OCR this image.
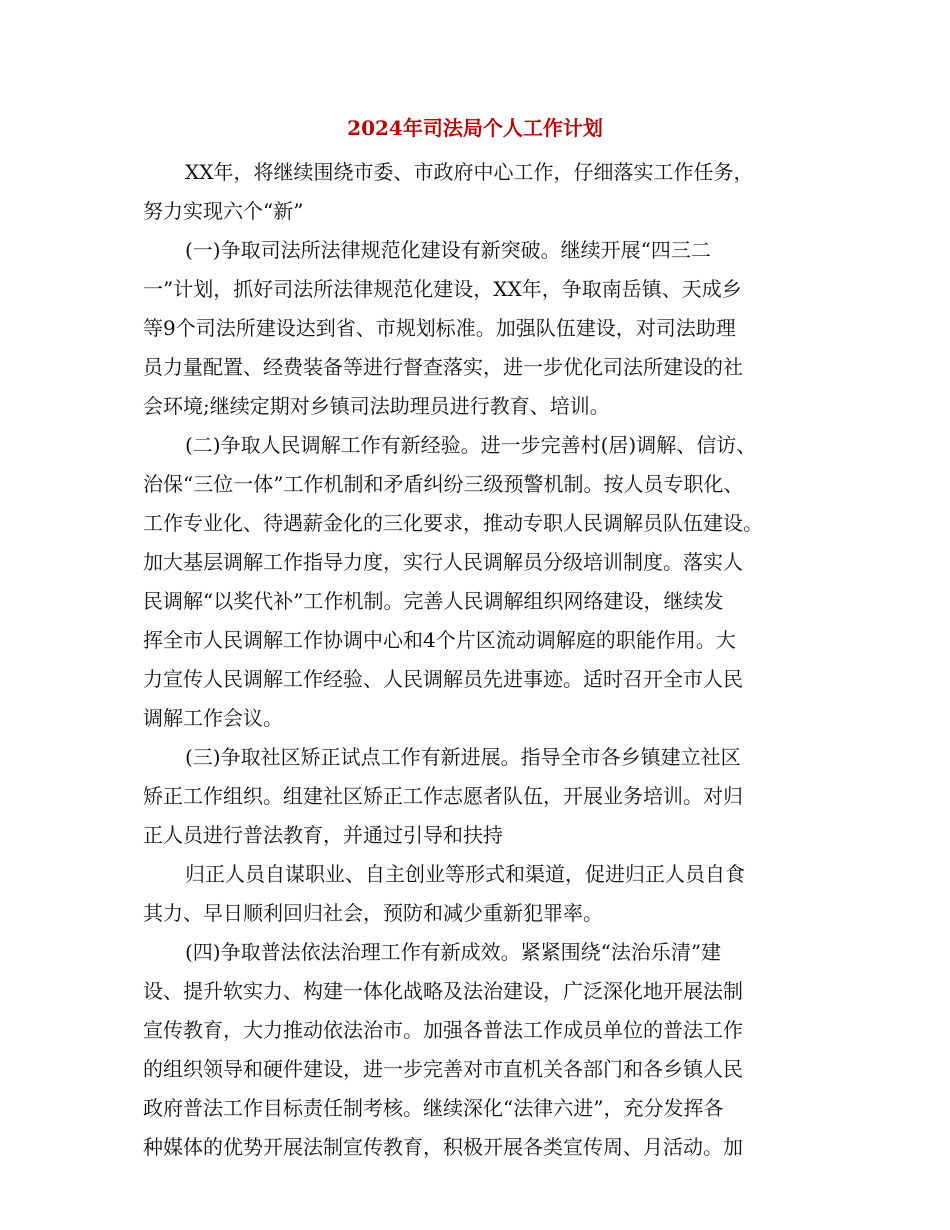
2024年司法局个人工作计划
XX年，将继续围绕市委、市政府中心工作，仔细落实工作任务，
努力实现六个“新”
(一)争取司法所法律规范化建设有新突破。继续开展“四三二
一”计划，抓好司法所法律规范化建设，XX年，争取南岳镇、天成乡
等9个司法所建设达到省、市规划标准。加强队伍建设，对司法助理
员力量配置、经费装备等进行督查落实，进一步优化司法所建设的社
会环境;继续定期对乡镇司法助理员进行教育、培训。
(二)争取人民调解工作有新经验。进一步完善村(居)调解、信访、
治保“三位一体”工作机制和矛盾纠纷三级预警机制。按人员专职化、
工作专业化、待遇薪金化的三化要求，推动专职人民调解员队伍建设。
加大基层调解工作指导力度，实行人民调解员分级培训制度。落实人
民调解“以奖代补”工作机制。完善人民调解组织网络建设，继续发
挥全市人民调解工作协调中心和4个片区流动调解庭的职能作用。大
力宣传人民调解工作经验、人民调解员先进事迹。适时召开全市人民
调解工作会议。
(三)争取社区矫正试点工作有新进展。指导全市各乡镇建立社区
矫正工作组织。组建社区矫正工作志愿者队伍，开展业务培训。对归
正人员进行普法教育，并通过引导和扶持
归正人员自谋职业、自主创业等形式和渠道，促进归正人员自食
其力、早日顺利回归社会，预防和减少重新犯罪率。
(四)争取普法依法治理工作有新成效。紧紧围绕“法治乐清”建
设、提升软实力、构建一体化战略及法治建设，广泛深化地开展法制
宣传教育，大力推动依法治市。加强各普法工作成员单位的普法工作
的组织领导和硬件建设，进一步完善对市直机关各部门和各乡镇人民
政府普法工作目标责任制考核。继续深化“法律六进”，充分发挥各
种媒体的优势开展法制宣传教育，积极开展各类宣传周、月活动。加
